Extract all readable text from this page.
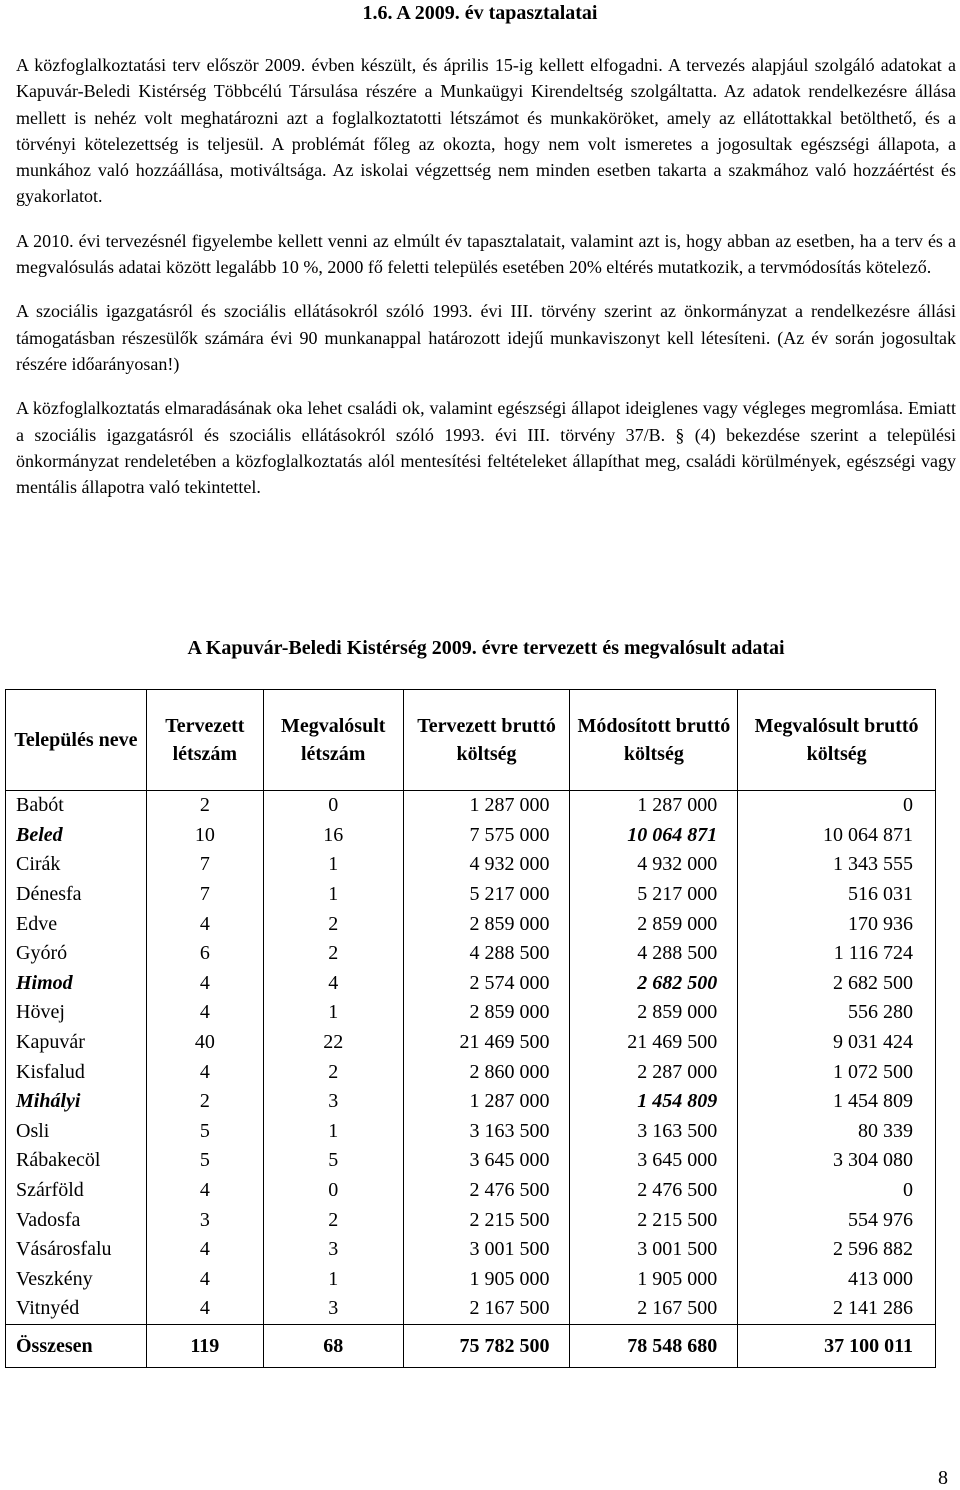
1.6. A 2009. év tapasztalatai

A közfoglalkoztatási terv először 2009. évben készült, és április 15-ig kellett elfogadni. A tervezés alapjául szolgáló adatokat a Kapuvár-Beledi Kistérség Többcélú Társulása részére a Munkaügyi Kirendeltség szolgáltatta. Az adatok rendelkezésre állása mellett is nehéz volt meghatározni azt a foglalkoztatotti létszámot és munkaköröket, amely az ellátottakkal betölthető, és a törvényi kötelezettség is teljesül. A problémát főleg az okozta, hogy nem volt ismeretes a jogosultak egészségi állapota, a munkához való hozzáállása, motiváltsága. Az iskolai végzettség nem minden esetben takarta a szakmához való hozzáértést és gyakorlatot.

A 2010. évi tervezésnél figyelembe kellett venni az elmúlt év tapasztalatait, valamint azt is, hogy abban az esetben, ha a terv és a megvalósulás adatai között legalább 10 %, 2000 fő feletti település esetében 20% eltérés mutatkozik, a tervmódosítás kötelező.

A szociális igazgatásról és szociális ellátásokról szóló 1993. évi III. törvény szerint az önkormányzat a rendelkezésre állási támogatásban részesülők számára évi 90 munkanappal határozott idejű munkaviszonyt kell létesíteni. (Az év során jogosultak részére időarányosan!)

A közfoglalkoztatás elmaradásának oka lehet családi ok, valamint egészségi állapot ideiglenes vagy végleges megromlása. Emiatt a szociális igazgatásról és szociális ellátásokról szóló 1993. évi III. törvény 37/B. § (4) bekezdése szerint a települési önkormányzat rendeletében a közfoglalkoztatás alól mentesítési feltételeket állapíthat meg, családi körülmények, egészségi vagy mentális állapotra való tekintettel.

A Kapuvár-Beledi Kistérség 2009. évre tervezett és megvalósult adatai
Település neve	Tervezett létszám	Megvalósult létszám	Tervezett bruttó költség	Módosított bruttó költség	Megvalósult bruttó költség
Babót	2	0	1 287 000	1 287 000	0
Beled	10	16	7 575 000	10 064 871	10 064 871
Cirák	7	1	4 932 000	4 932 000	1 343 555
Dénesfa	7	1	5 217 000	5 217 000	516 031
Edve	4	2	2 859 000	2 859 000	170 936
Gyóró	6	2	4 288 500	4 288 500	1 116 724
Himod	4	4	2 574 000	2 682 500	2 682 500
Hövej	4	1	2 859 000	2 859 000	556 280
Kapuvár	40	22	21 469 500	21 469 500	9 031 424
Kisfalud	4	2	2 860 000	2 287 000	1 072 500
Mihályi	2	3	1 287 000	1 454 809	1 454 809
Osli	5	1	3 163 500	3 163 500	80 339
Rábakecöl	5	5	3 645 000	3 645 000	3 304 080
Szárföld	4	0	2 476 500	2 476 500	0
Vadosfa	3	2	2 215 500	2 215 500	554 976
Vásárosfalu	4	3	3 001 500	3 001 500	2 596 882
Veszkény	4	1	1 905 000	1 905 000	413 000
Vitnyéd	4	3	2 167 500	2 167 500	2 141 286
Összesen	119	68	75 782 500	78 548 680	37 100 011
8
